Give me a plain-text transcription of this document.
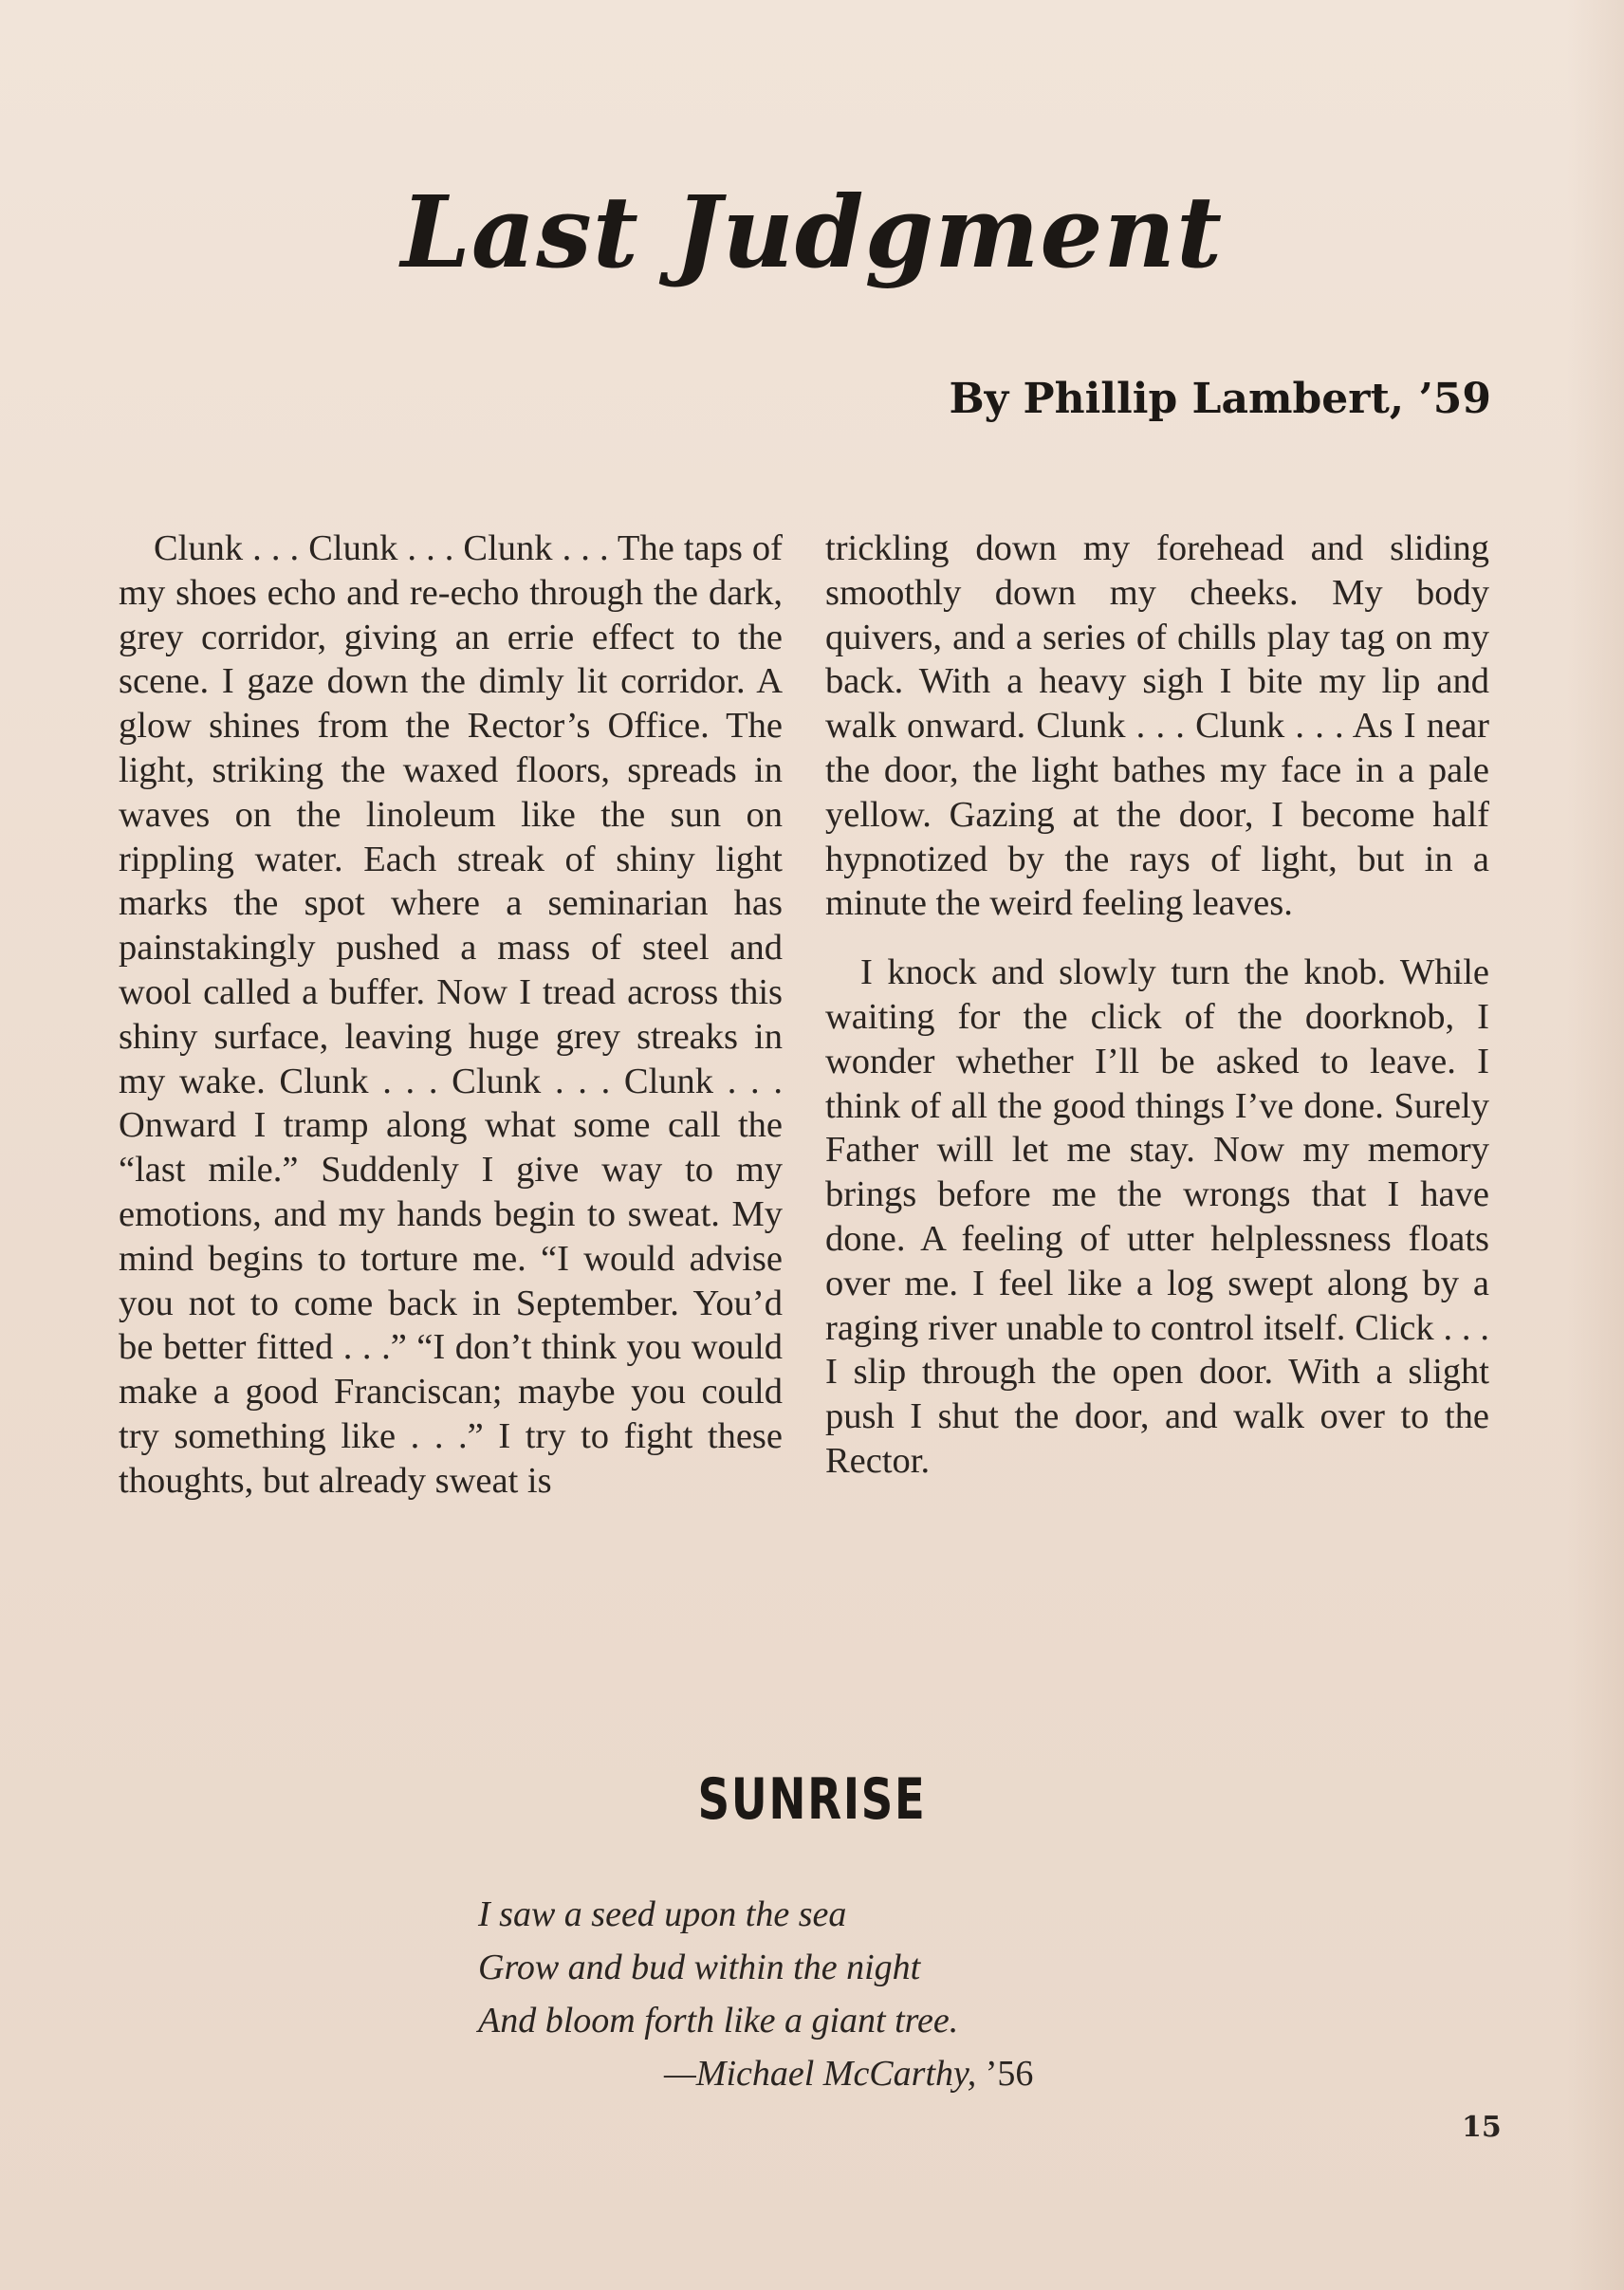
Last Judgment
By Phillip Lambert, ’59

Clunk . . . Clunk . . . Clunk . . . The taps of my shoes echo and re-echo through the dark, grey corridor, giving an errie effect to the scene. I gaze down the dimly lit corridor. A glow shines from the Rector’s Office. The light, striking the waxed floors, spreads in waves on the linoleum like the sun on rippling water. Each streak of shiny light marks the spot where a seminarian has painstakingly pushed a mass of steel and wool called a buffer. Now I tread across this shiny surface, leaving huge grey streaks in my wake. Clunk . . . Clunk . . . Clunk . . . Onward I tramp along what some call the “last mile.” Suddenly I give way to my emotions, and my hands begin to sweat. My mind begins to torture me. “I would advise you not to come back in September. You’d be better fitted . . .” “I don’t think you would make a good Franciscan; maybe you could try something like . . .” I try to fight these thoughts, but already sweat is

trickling down my forehead and sliding smoothly down my cheeks. My body quivers, and a series of chills play tag on my back. With a heavy sigh I bite my lip and walk onward. Clunk . . . Clunk . . . As I near the door, the light bathes my face in a pale yellow. Gazing at the door, I become half hypnotized by the rays of light, but in a minute the weird feeling leaves.

I knock and slowly turn the knob. While waiting for the click of the doorknob, I wonder whether I’ll be asked to leave. I think of all the good things I’ve done. Surely Father will let me stay. Now my memory brings before me the wrongs that I have done. A feeling of utter helplessness floats over me. I feel like a log swept along by a raging river unable to control itself. Click . . . I slip through the open door. With a slight push I shut the door, and walk over to the Rector.

SUNRISE
I saw a seed upon the sea
Grow and bud within the night
And bloom forth like a giant tree.
—Michael McCarthy, ’56
15
